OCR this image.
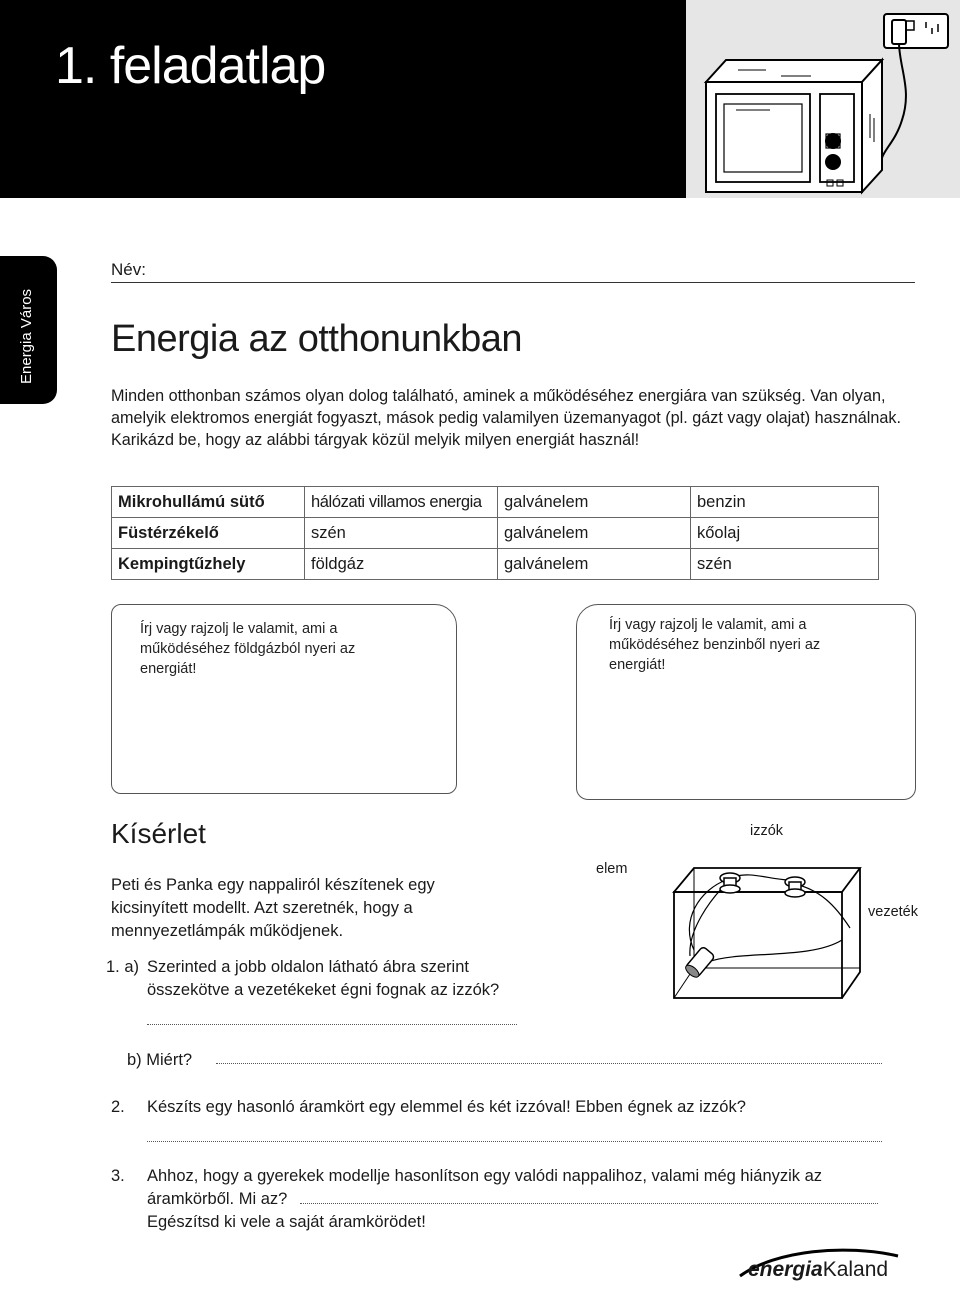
1. feladatlap
Energia Város
Név:
Energia az otthonunkban
Minden otthonban számos olyan dolog található, aminek a működéséhez energiára van szükség. Van olyan, amelyik elektromos energiát fogyaszt, mások pedig valamilyen üzemanyagot (pl. gázt vagy olajat) használnak. Karikázd be, hogy az alábbi tárgyak közül melyik milyen energiát használ!
Mikrohullámú sütő	hálózati villamos energia	galvánelem	benzin
Füstérzékelő	szén	galvánelem	kőolaj
Kempingtűzhely	földgáz	galvánelem	szén
Írj vagy rajzolj le valamit, ami a működéséhez földgázból nyeri az energiát!
Írj vagy rajzolj le valamit, ami a működéséhez benzinből nyeri az energiát!
Kísérlet
Peti és Panka egy nappaliról készítenek egy kicsinyített modellt. Azt szeretnék, hogy a mennyezetlámpák működjenek.
1. a) Szerinted a jobb oldalon látható ábra szerint
összekötve a vezetékeket égni fognak az izzók?
b) Miért?
2. Készíts egy hasonló áramkört egy elemmel és két izzóval! Ebben égnek az izzók?
3. Ahhoz, hogy a gyerekek modellje hasonlítson egy valódi nappalihoz, valami még hiányzik az
áramkörből. Mi az?
Egészítsd ki vele a saját áramkörödet!
izzók
elem
vezeték
energiaKaland
